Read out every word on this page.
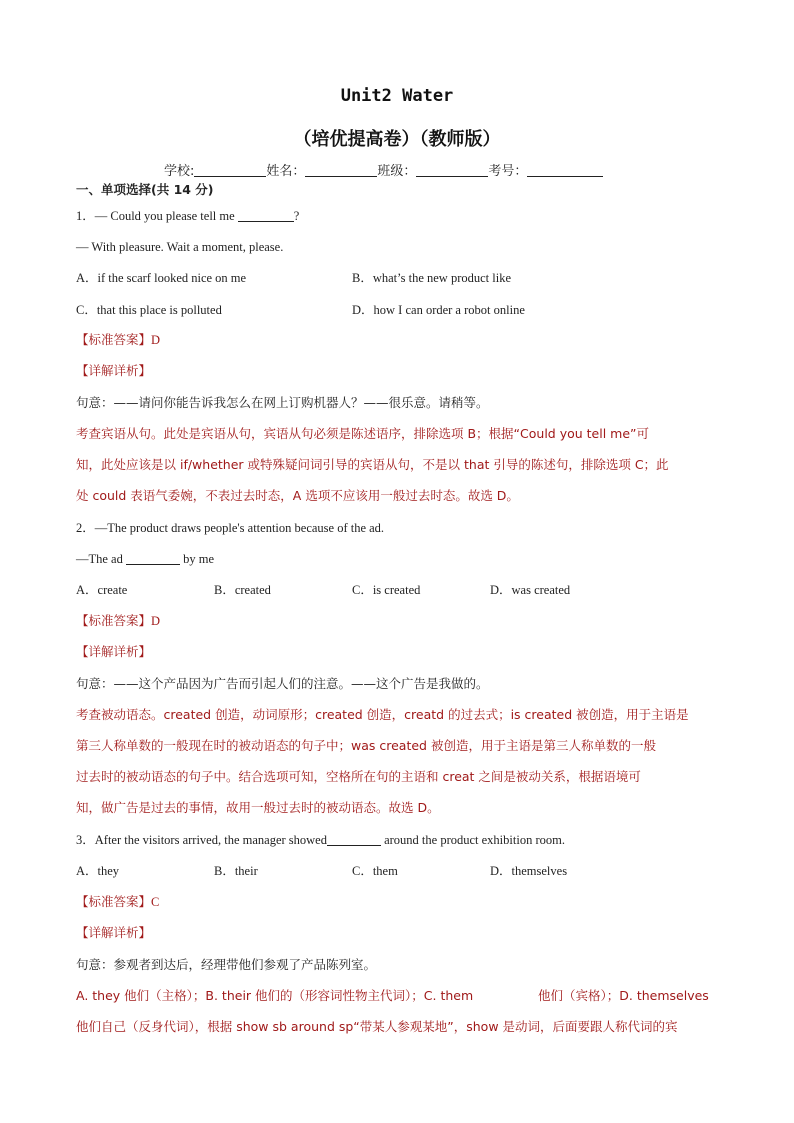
Unit2 Water
（培优提高卷）（教师版）
学校:	姓名：	班级：	考号：
一、单项选择(共 14 分)
1．— Could you please tell me	?
— With pleasure. Wait a moment, please.
A．if the scarf looked nice on me	B．what’s the new product like
C．that this place is polluted	D．how I can order a robot online
【标准答案】D
【详解详析】
句意：——请问你能告诉我怎么在网上订购机器人？——很乐意。请稍等。
考查宾语从句。此处是宾语从句，宾语从句必须是陈述语序，排除选项 B；根据“Could you tell me”可
知，此处应该是以 if/whether 或特殊疑问词引导的宾语从句，不是以 that 引导的陈述句，排除选项 C；此
处 could 表语气委婉，不表过去时态，A 选项不应该用一般过去时态。故选 D。
2．—The product draws people's attention because of the ad.
—The ad	by me
A．create	B．created	C．is created	D．was created
【标准答案】D
【详解详析】
句意：——这个产品因为广告而引起人们的注意。——这个广告是我做的。
考查被动语态。created 创造，动词原形；created 创造，creatd 的过去式；is created 被创造，用于主语是
第三人称单数的一般现在时的被动语态的句子中；was created 被创造，用于主语是第三人称单数的一般
过去时的被动语态的句子中。结合选项可知，空格所在句的主语和 creat 之间是被动关系，根据语境可
知，做广告是过去的事情，故用一般过去时的被动语态。故选 D。
3．After the visitors arrived, the manager showed	around the product exhibition room.
A．they	B．their	C．them	D．themselves
【标准答案】C
【详解详析】
句意：参观者到达后，经理带他们参观了产品陈列室。
A. they 他们（主格）；B. their 他们的（形容词性物主代词）；C. them	他们（宾格）；D. themselves
他们自己（反身代词），根据 show sb around sp“带某人参观某地”，show 是动词，后面要跟人称代词的宾
